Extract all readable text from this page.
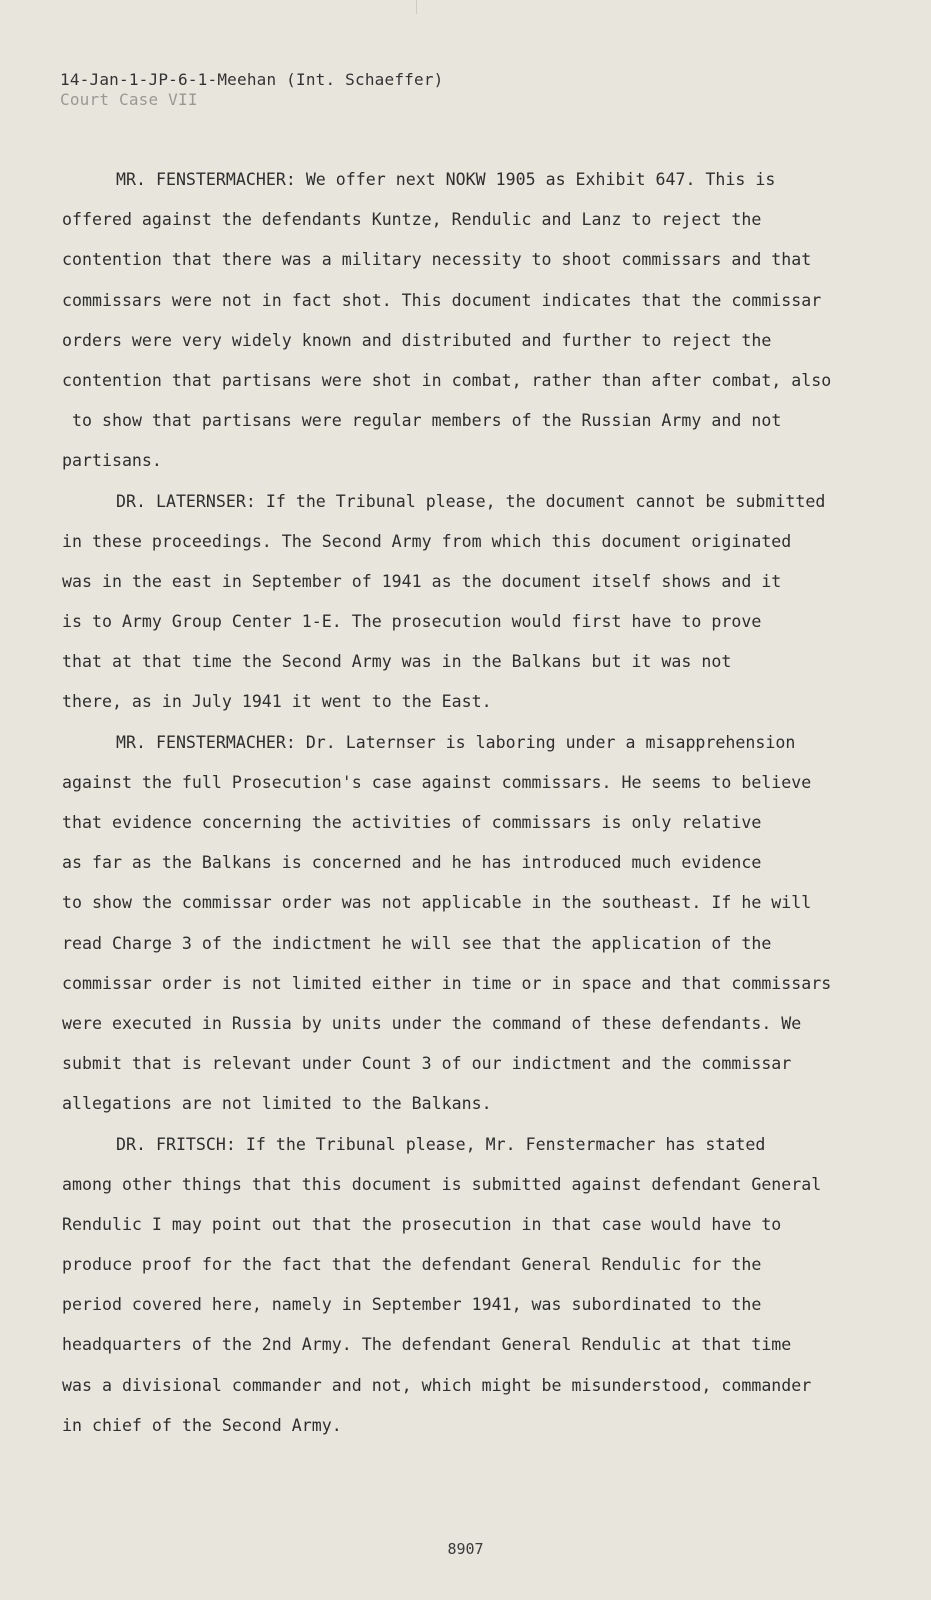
14-Jan-1-JP-6-1-Meehan (Int. Schaeffer)
Court Case VII
MR. FENSTERMACHER: We offer next NOKW 1905 as Exhibit 647. This is
offered against the defendants Kuntze, Rendulic and Lanz to reject the
contention that there was a military necessity to shoot commissars and that
commissars were not in fact shot. This document indicates that the commissar
orders were very widely known and distributed and further to reject the
contention that partisans were shot in combat, rather than after combat, also
to show that partisans were regular members of the Russian Army and not
partisans.
DR. LATERNSER: If the Tribunal please, the document cannot be submitted
in these proceedings. The Second Army from which this document originated
was in the east in September of 1941 as the document itself shows and it
is to Army Group Center 1-E. The prosecution would first have to prove
that at that time the Second Army was in the Balkans but it was not
there, as in July 1941 it went to the East.
MR. FENSTERMACHER: Dr. Laternser is laboring under a misapprehension
against the full Prosecution's case against commissars. He seems to believe
that evidence concerning the activities of commissars is only relative
as far as the Balkans is concerned and he has introduced much evidence
to show the commissar order was not applicable in the southeast. If he will
read Charge 3 of the indictment he will see that the application of the
commissar order is not limited either in time or in space and that commissars
were executed in Russia by units under the command of these defendants. We
submit that is relevant under Count 3 of our indictment and the commissar
allegations are not limited to the Balkans.
DR. FRITSCH: If the Tribunal please, Mr. Fenstermacher has stated
among other things that this document is submitted against defendant General
Rendulic I may point out that the prosecution in that case would have to
produce proof for the fact that the defendant General Rendulic for the
period covered here, namely in September 1941, was subordinated to the
headquarters of the 2nd Army. The defendant General Rendulic at that time
was a divisional commander and not, which might be misunderstood, commander
in chief of the Second Army.
8907
